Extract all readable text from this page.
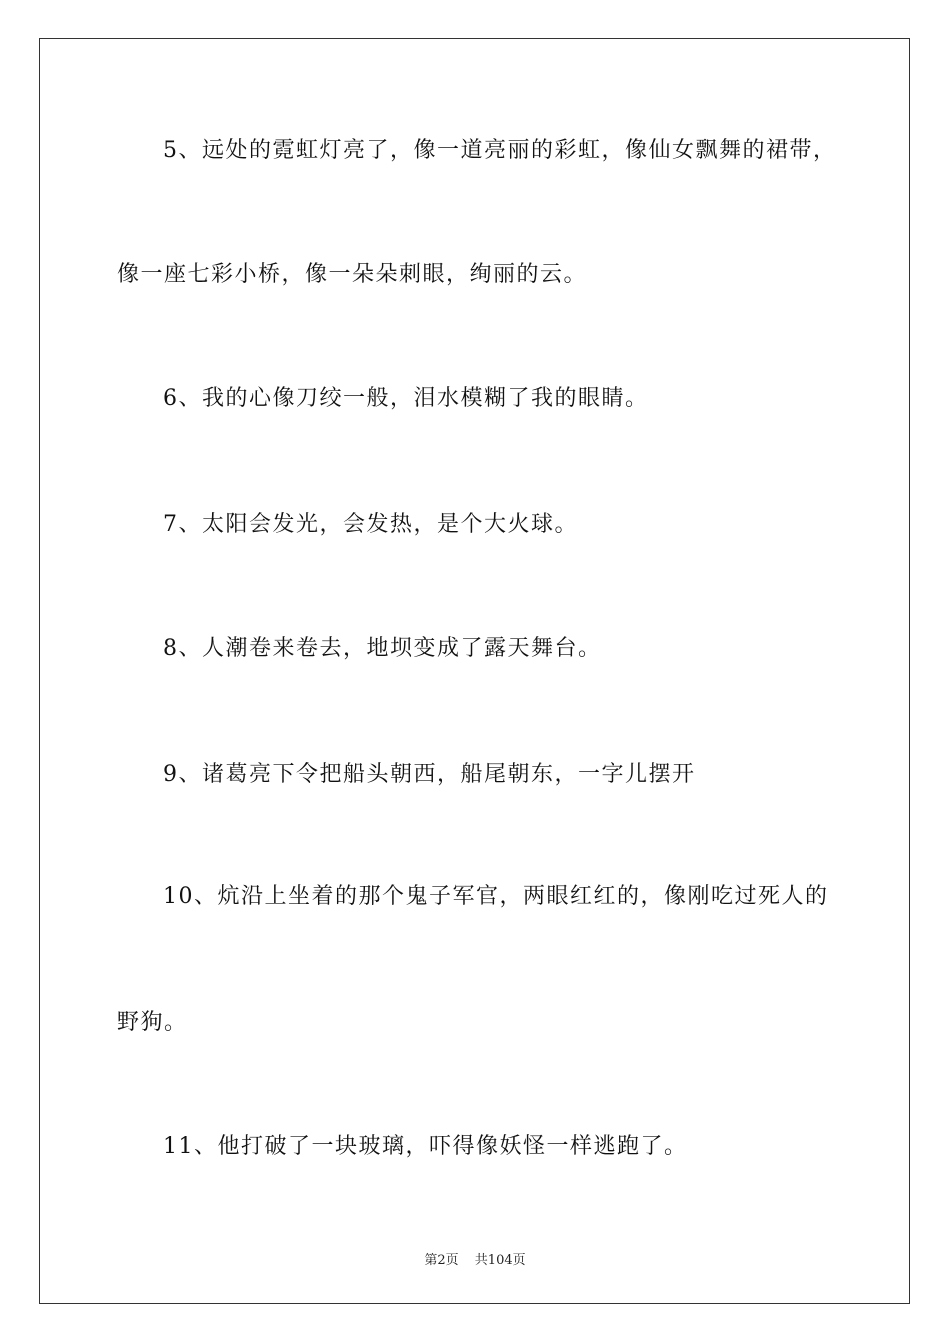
5、远处的霓虹灯亮了，像一道亮丽的彩虹，像仙女飘舞的裙带，

像一座七彩小桥，像一朵朵刺眼，绚丽的云。

6、我的心像刀绞一般，泪水模糊了我的眼睛。

7、太阳会发光，会发热，是个大火球。

8、人潮卷来卷去，地坝变成了露天舞台。

9、诸葛亮下令把船头朝西，船尾朝东，一字儿摆开

10、炕沿上坐着的那个鬼子军官，两眼红红的，像刚吃过死人的

野狗。

11、他打破了一块玻璃，吓得像妖怪一样逃跑了。

第2页 共104页
